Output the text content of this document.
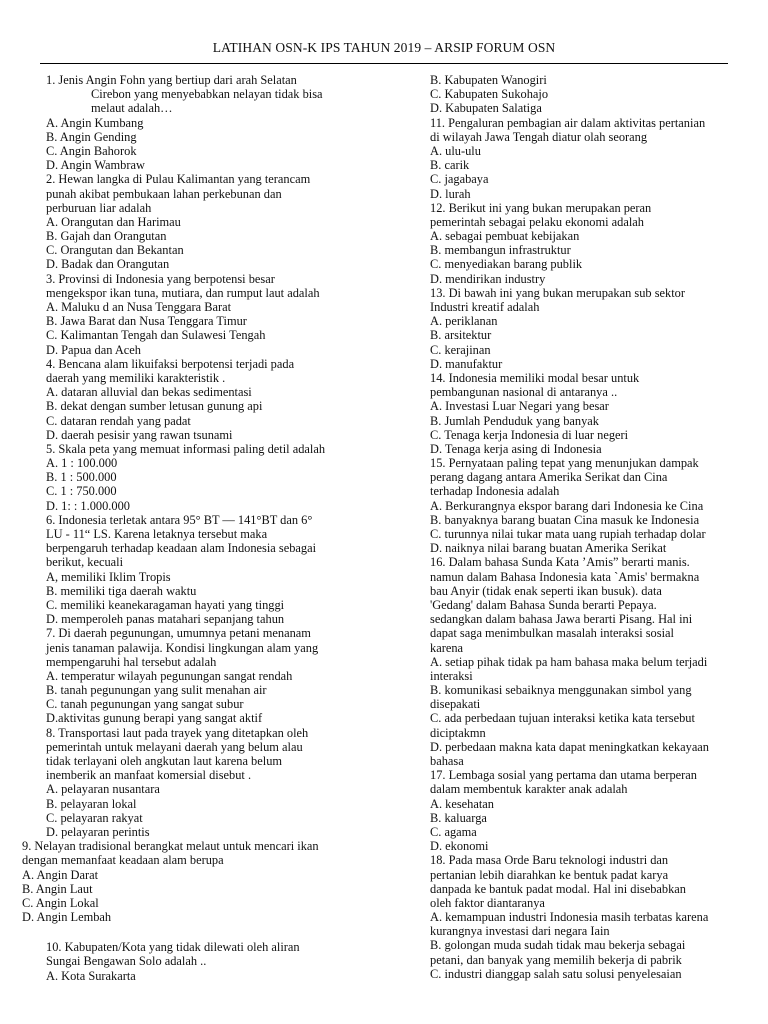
LATIHAN OSN-K IPS TAHUN 2019 – ARSIP FORUM OSN
1. Jenis Angin Fohn yang bertiup dari arah Selatan
Cirebon yang menyebabkan nelayan tidak bisa
melaut adalah…
A. Angin Kumbang
B. Angin Gending
C. Angin Bahorok
D. Angin Wambraw
2. Hewan langka di Pulau Kalimantan yang terancam
punah akibat pembukaan lahan perkebunan dan
perburuan liar adalah
A. Orangutan dan Harimau
B. Gajah dan Orangutan
C. Orangutan dan Bekantan
D. Badak dan Orangutan
3. Provinsi di Indonesia yang berpotensi besar
mengekspor ikan tuna, mutiara, dan rumput laut adalah
A. Maluku d an Nusa Tenggara Barat
B. Jawa Barat dan Nusa Tenggara Timur
C. Kalimantan Tengah dan Sulawesi Tengah
D. Papua dan Aceh
4. Bencana alam likuifaksi berpotensi terjadi pada
daerah yang memiliki karakteristik .
A. dataran alluvial dan bekas sedimentasi
B. dekat dengan sumber letusan gunung api
C. dataran rendah yang padat
D. daerah pesisir yang rawan tsunami
5. Skala peta yang memuat informasi paling detil adalah
A. 1 : 100.000
B. 1 : 500.000
C. 1 : 750.000
D. 1: : 1.000.000
6. Indonesia terletak antara 95° BT — 141°BT dan 6°
LU - 11“ LS. Karena letaknya tersebut maka
berpengaruh terhadap keadaan alam Indonesia sebagai
berikut, kecuali
A, memiliki Iklim Tropis
B. memiliki tiga daerah waktu
C. memiliki keanekaragaman hayati yang tinggi
D. memperoleh panas matahari sepanjang tahun
7. Di daerah pegunungan, umumnya petani menanam
jenis tanaman palawija. Kondisi lingkungan alam yang
mempengaruhi hal tersebut adalah
A. temperatur wilayah pegunungan sangat rendah
B. tanah pegunungan yang sulit menahan air
C. tanah pegunungan yang sangat subur
D.aktivitas gunung berapi yang sangat aktif
8. Transportasi laut pada trayek yang ditetapkan oleh
pemerintah untuk melayani daerah yang belum alau
tidak terlayani oleh angkutan laut karena belum
inemberik an manfaat komersial disebut .
A. pelayaran nusantara
B. pelayaran lokal
C. pelayaran rakyat
D. pelayaran perintis
9. Nelayan tradisional berangkat melaut untuk mencari ikan
dengan memanfaat keadaan alam berupa
A. Angin Darat
B. Angin Laut
C. Angin Lokal
D. Angin Lembah
10. Kabupaten/Kota yang tidak dilewati oleh aliran
Sungai Bengawan Solo adalah ..
A. Kota Surakarta
B. Kabupaten Wanogiri
C. Kabupaten Sukohajo
D. Kabupaten Salatiga
11. Pengaluran pembagian air dalam aktivitas pertanian
di wilayah Jawa Tengah diatur olah seorang
A. ulu-ulu
B. carik
C. jagabaya
D. lurah
12. Berikut ini yang bukan merupakan peran
pemerintah sebagai pelaku ekonomi adalah
A. sebagai pembuat kebijakan
B. membangun infrastruktur
C. menyediakan barang publik
D. mendirikan industry
13. Di bawah ini yang bukan merupakan sub sektor
Industri kreatif adalah
A. periklanan
B. arsitektur
C. kerajinan
D. manufaktur
14. Indonesia memiliki modal besar untuk
pembangunan nasional di antaranya ..
A. Investasi Luar Negari yang besar
B. Jumlah Penduduk yang banyak
C. Tenaga kerja Indonesia di luar negeri
D. Tenaga kerja asing di Indonesia
15. Pernyataan paling tepat yang menunjukan dampak
perang dagang antara Amerika Serikat dan Cina
terhadap Indonesia adalah
A. Berkurangnya ekspor barang dari Indonesia ke Cina
B. banyaknya barang buatan Cina masuk ke Indonesia
C. turunnya nilai tukar mata uang rupiah terhadap dolar
D. naiknya nilai barang buatan Amerika Serikat
16. Dalam bahasa Sunda Kata ’Amis” berarti manis.
namun dalam Bahasa Indonesia kata `Amis' bermakna
bau Anyir (tidak enak seperti ikan busuk). data
'Gedang' dalam Bahasa Sunda berarti Pepaya.
sedangkan dalam bahasa Jawa berarti Pisang. Hal ini
dapat saga menimbulkan masalah interaksi sosial
karena
A. setiap pihak tidak pa ham bahasa maka belum terjadi
interaksi
B. komunikasi sebaiknya menggunakan simbol yang
disepakati
C. ada perbedaan tujuan interaksi ketika kata tersebut
diciptakmn
D. perbedaan makna kata dapat meningkatkan kekayaan
bahasa
17. Lembaga sosial yang pertama dan utama berperan
dalam membentuk karakter anak adalah
A. kesehatan
B. kaluarga
C. agama
D. ekonomi
18. Pada masa Orde Baru teknologi industri dan
pertanian lebih diarahkan ke bentuk padat karya
danpada ke bantuk padat modal. Hal ini disebabkan
oleh faktor diantaranya
A. kemampuan industri Indonesia masih terbatas karena
kurangnya investasi dari negara Iain
B. golongan muda sudah tidak mau bekerja sebagai
petani, dan banyak yang memilih bekerja di pabrik
C. industri dianggap salah satu solusi penyelesaian
